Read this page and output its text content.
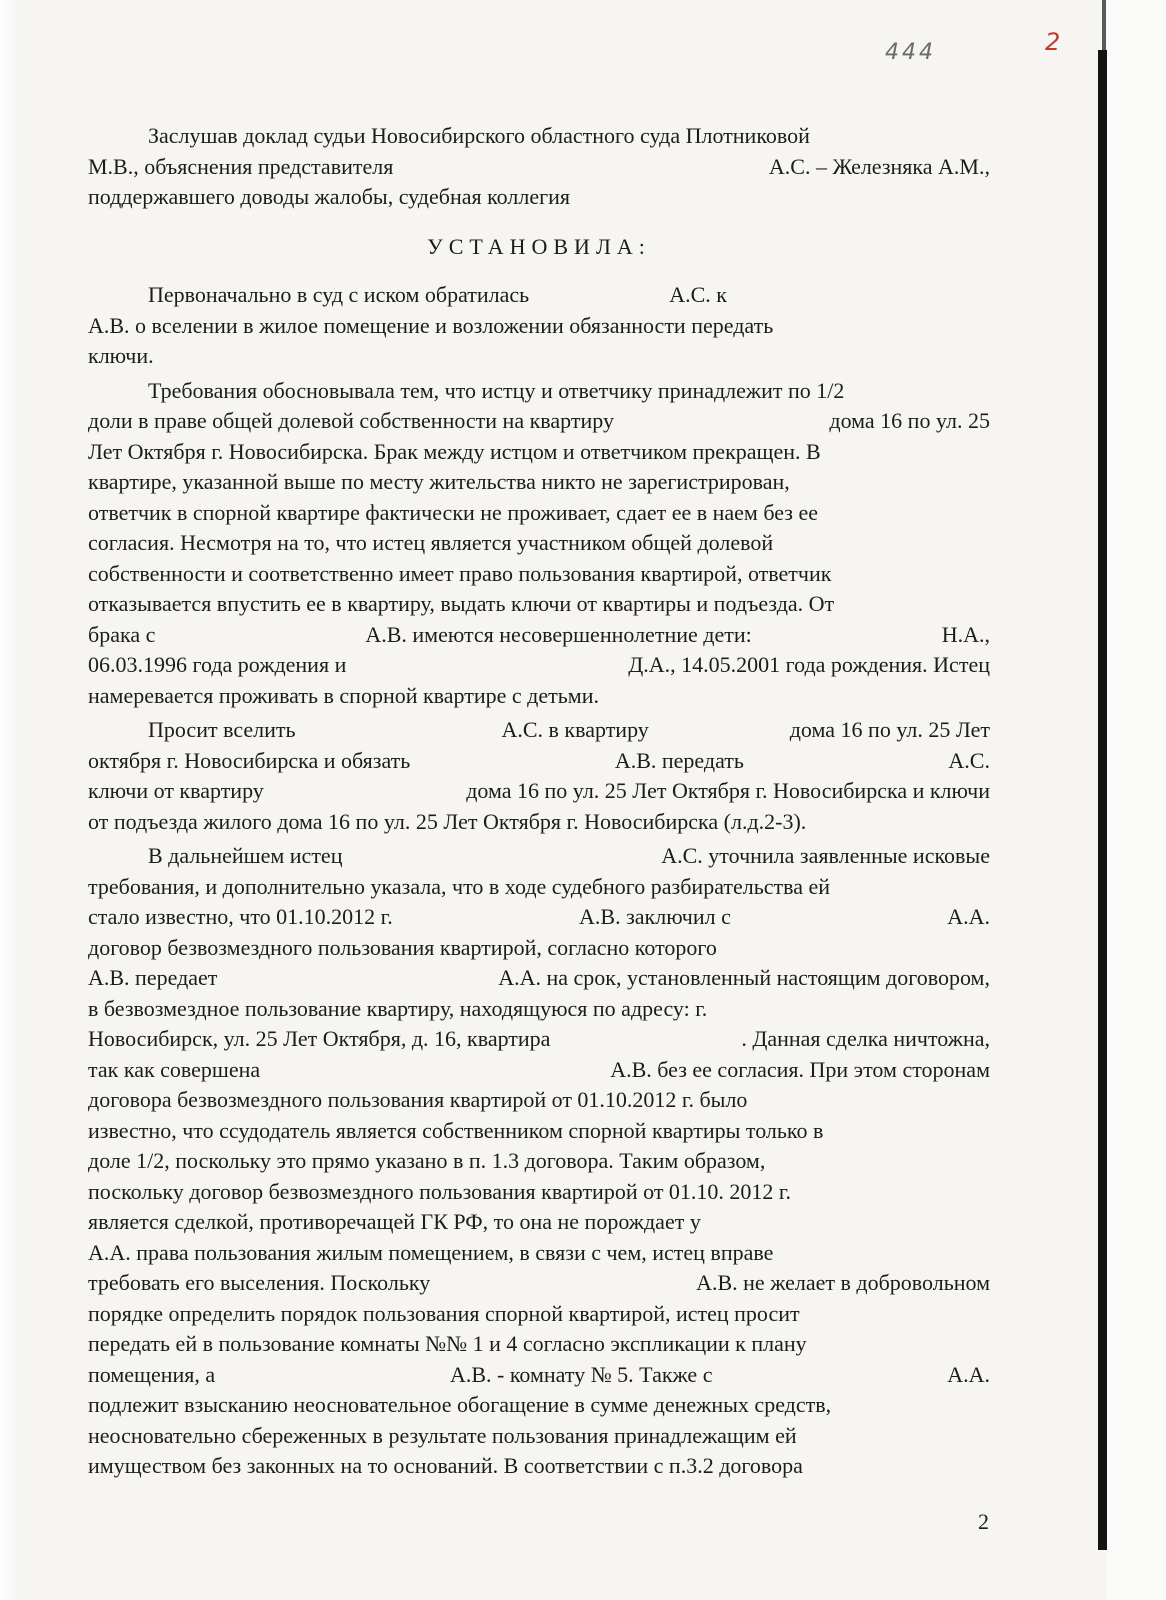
444	2
Заслушав доклад судьи Новосибирского областного суда Плотниковой
М.В., объяснения представителя	А.С. – Железняка А.М.,
поддержавшего доводы жалобы, судебная коллегия
УСТАНОВИЛА:
Первоначально в суд с иском обратилась	А.С. к
А.В. о вселении в жилое помещение и возложении обязанности передать
ключи.
Требования обосновывала тем, что истцу и ответчику принадлежит по 1/2
доли в праве общей долевой собственности на квартиру	дома 16 по ул. 25
Лет Октября г. Новосибирска. Брак между истцом и ответчиком прекращен. В
квартире, указанной выше по месту жительства никто не зарегистрирован,
ответчик в спорной квартире фактически не проживает, сдает ее в наем без ее
согласия. Несмотря на то, что истец является участником общей долевой
собственности и соответственно имеет право пользования квартирой, ответчик
отказывается впустить ее в квартиру, выдать ключи от квартиры и подъезда. От
брака с	А.В. имеются несовершеннолетние дети:	Н.А.,
06.03.1996 года рождения и	Д.А., 14.05.2001 года рождения. Истец
намеревается проживать в спорной квартире с детьми.
Просит вселить	А.С. в квартиру	дома 16 по ул. 25 Лет
октября г. Новосибирска и обязать	А.В. передать	А.С.
ключи от квартиру	дома 16 по ул. 25 Лет Октября г. Новосибирска и ключи
от подъезда жилого дома 16 по ул. 25 Лет Октября г. Новосибирска (л.д.2-3).
В дальнейшем истец	А.С. уточнила заявленные исковые
требования, и дополнительно указала, что в ходе судебного разбирательства ей
стало известно, что 01.10.2012 г.	А.В. заключил с	А.А.
договор безвозмездного пользования квартирой, согласно которого
А.В. передает	А.А. на срок, установленный настоящим договором,
в безвозмездное пользование квартиру, находящуюся по адресу: г.
Новосибирск, ул. 25 Лет Октября, д. 16, квартира	. Данная сделка ничтожна,
так как совершена	А.В. без ее согласия. При этом сторонам
договора безвозмездного пользования квартирой от 01.10.2012 г. было
известно, что ссудодатель является собственником спорной квартиры только в
доле 1/2, поскольку это прямо указано в п. 1.3 договора. Таким образом,
поскольку договор безвозмездного пользования квартирой от 01.10. 2012 г.
является сделкой, противоречащей ГК РФ, то она не порождает у
А.А. права пользования жилым помещением, в связи с чем, истец вправе
требовать его выселения. Поскольку	А.В. не желает в добровольном
порядке определить порядок пользования спорной квартирой, истец просит
передать ей в пользование комнаты №№ 1 и 4 согласно экспликации к плану
помещения, а	А.В. - комнату № 5. Также с	А.А.
подлежит взысканию неосновательное обогащение в сумме денежных средств,
неосновательно сбереженных в результате пользования принадлежащим ей
имуществом без законных на то оснований. В соответствии с п.3.2 договора
2
